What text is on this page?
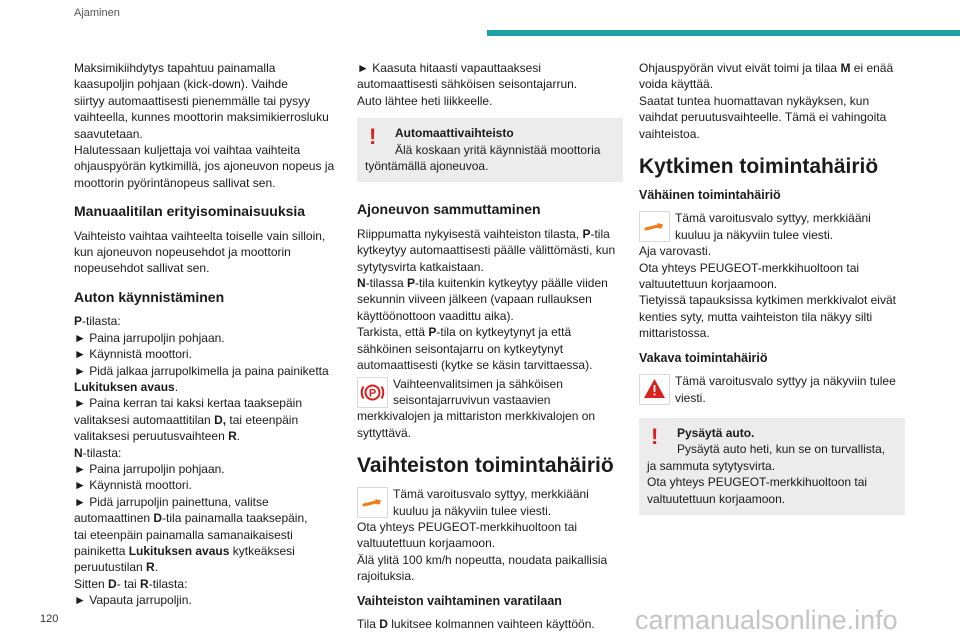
Ajaminen

Maksimikiihdytys tapahtuu painamalla
kaasupoljin pohjaan (kick-down). Vaihde
siirtyy automaattisesti pienemmälle tai pysyy
vaihteella, kunnes moottorin maksimikierrosluku
saavutetaan.
Halutessaan kuljettaja voi vaihtaa vaihteita
ohjauspyörän kytkimillä, jos ajoneuvon nopeus ja
moottorin pyörintänopeus sallivat sen.

Manuaalitilan erityisominaisuuksia

Vaihteisto vaihtaa vaihteelta toiselle vain silloin,
kun ajoneuvon nopeusehdot ja moottorin
nopeusehdot sallivat sen.

Auton käynnistäminen

P-tilasta:
► Paina jarrupoljin pohjaan.
► Käynnistä moottori.
► Pidä jalkaa jarrupolkimella ja paina painiketta
Lukituksen avaus.
► Paina kerran tai kaksi kertaa taaksepäin
valitaksesi automaattitilan D, tai eteenpäin
valitaksesi peruutusvaihteen R.
N-tilasta:
► Paina jarrupoljin pohjaan.
► Käynnistä moottori.
► Pidä jarrupoljin painettuna, valitse
automaattinen D-tila painamalla taaksepäin,
tai eteenpäin painamalla samanaikaisesti
painiketta Lukituksen avaus kytkeäksesi
peruutustilan R.
Sitten D- tai R-tilasta:
► Vapauta jarrupoljin.

► Kaasuta hitaasti vapauttaaksesi
automaattisesti sähköisen seisontajarrun.
Auto lähtee heti liikkeelle.

!	Automaattivaihteisto
Älä koskaan yritä käynnistää moottoria
työntämällä ajoneuvoa.
Ajoneuvon sammuttaminen

Riippumatta nykyisestä vaihteiston tilasta, P-tila
kytkeytyy automaattisesti päälle välittömästi, kun
sytytysvirta katkaistaan.
N-tilassa P-tila kuitenkin kytkeytyy päälle viiden
sekunnin viiveen jälkeen (vapaan rullauksen
käyttöönottoon vaadittu aika).
Tarkista, että P-tila on kytkeytynyt ja että
sähköinen seisontajarru on kytkeytynyt
automaattisesti (kytke se käsin tarvittaessa).

P
Vaihteenvalitsimen ja sähköisen
seisontajarruvivun vastaavien
merkkivalojen ja mittariston merkkivalojen on
syttyttävä.
Vaihteiston toimintahäiriö
Tämä varoitusvalo syttyy, merkkiääni
kuuluu ja näkyviin tulee viesti.
Ota yhteys PEUGEOT-merkkihuoltoon tai
valtuutettuun korjaamoon.
Älä ylitä 100 km/h nopeutta, noudata paikallisia
rajoituksia.
Vaihteiston vaihtaminen varatilaan

Tila D lukitsee kolmannen vaihteen käyttöön.

Ohjauspyörän vivut eivät toimi ja tilaa M ei enää
voida käyttää.
Saatat tuntea huomattavan nykäyksen, kun
vaihdat peruutusvaihteelle. Tämä ei vahingoita
vaihteistoa.

Kytkimen toimintahäiriö
Vähäinen toimintahäiriö
Tämä varoitusvalo syttyy, merkkiääni
kuuluu ja näkyviin tulee viesti.
Aja varovasti.
Ota yhteys PEUGEOT-merkkihuoltoon tai
valtuutettuun korjaamoon.
Tietyissä tapauksissa kytkimen merkkivalot eivät
kenties syty, mutta vaihteiston tila näkyy silti
mittaristossa.
Vakava toimintahäiriö
Tämä varoitusvalo syttyy ja näkyviin tulee
viesti.
!	Pysäytä auto.
Pysäytä auto heti, kun se on turvallista,
ja sammuta sytytysvirta.
Ota yhteys PEUGEOT-merkkihuoltoon tai
valtuutettuun korjaamoon.
120	carmanualsonline.info
